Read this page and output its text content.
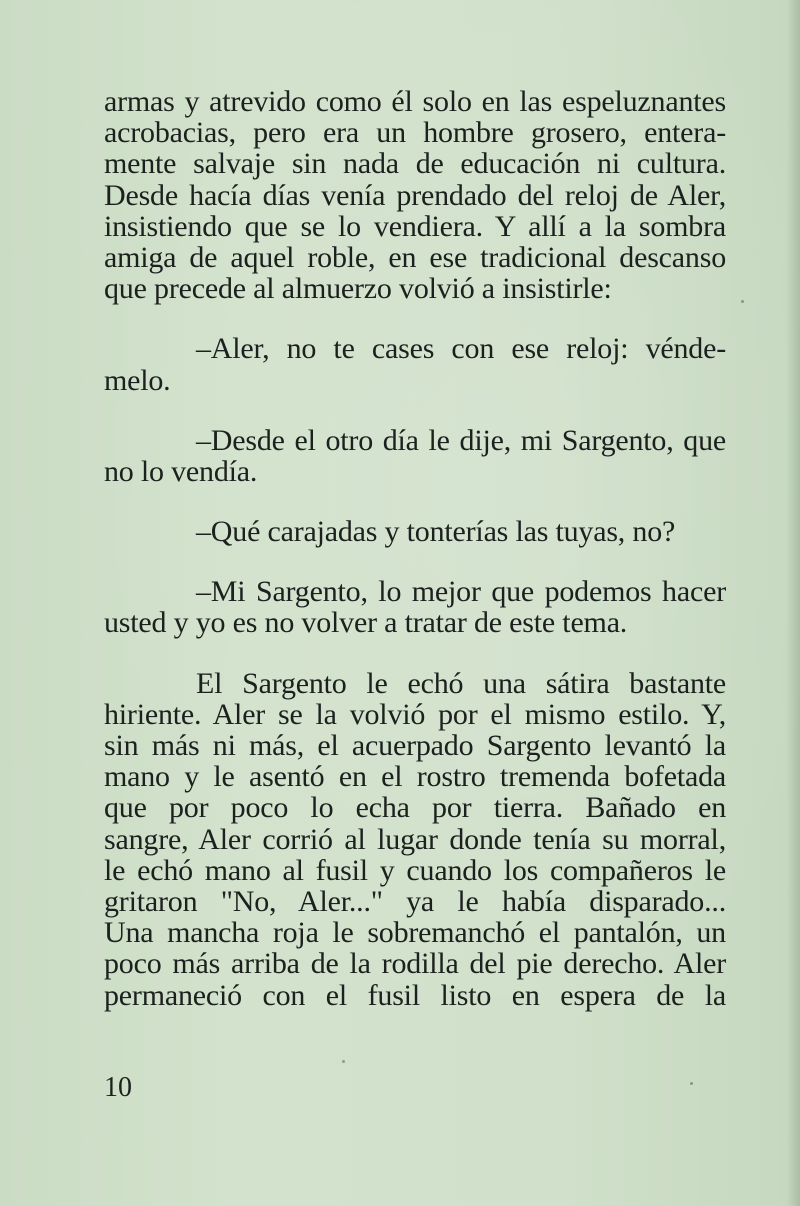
armas y atrevido como él solo en las espeluznantes
acrobacias, pero era un hombre grosero, entera-
mente salvaje sin nada de educación ni cultura.
Desde hacía días venía prendado del reloj de Aler,
insistiendo que se lo vendiera. Y allí a la sombra
amiga de aquel roble, en ese tradicional descanso
que precede al almuerzo volvió a insistirle:
–Aler, no te cases con ese reloj: vénde-
melo.
–Desde el otro día le dije, mi Sargento, que
no lo vendía.
–Qué carajadas y tonterías las tuyas, no?
–Mi Sargento, lo mejor que podemos hacer
usted y yo es no volver a tratar de este tema.
El Sargento le echó una sátira bastante
hiriente. Aler se la volvió por el mismo estilo. Y,
sin más ni más, el acuerpado Sargento levantó la
mano y le asentó en el rostro tremenda bofetada
que por poco lo echa por tierra. Bañado en
sangre, Aler corrió al lugar donde tenía su morral,
le echó mano al fusil y cuando los compañeros le
gritaron "No, Aler..." ya le había disparado...
Una mancha roja le sobremanchó el pantalón, un
poco más arriba de la rodilla del pie derecho. Aler
permaneció con el fusil listo en espera de la
10
